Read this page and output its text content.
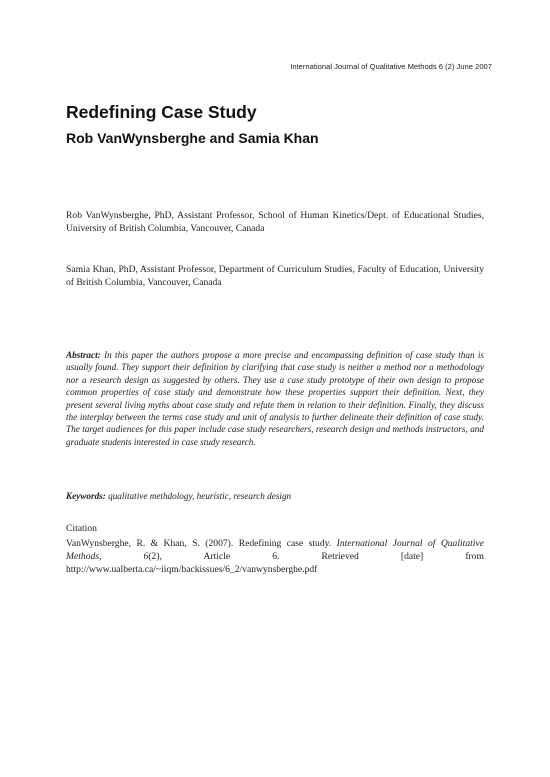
International Journal of Qualitative Methods 6 (2) June 2007
Redefining Case Study
Rob VanWynsberghe and Samia Khan

Rob VanWynsberghe, PhD, Assistant Professor, School of Human Kinetics/Dept. of Educational Studies, University of British Columbia, Vancouver, Canada

Samia Khan, PhD, Assistant Professor, Department of Curriculum Studies, Faculty of Education, University of British Columbia, Vancouver, Canada

Abstract: In this paper the authors propose a more precise and encompassing definition of case study than is usually found. They support their definition by clarifying that case study is neither a method nor a methodology nor a research design as suggested by others. They use a case study prototype of their own design to propose common properties of case study and demonstrate how these properties support their definition. Next, they present several living myths about case study and refute them in relation to their definition. Finally, they discuss the interplay between the terms case study and unit of analysis to further delineate their definition of case study. The target audiences for this paper include case study researchers, research design and methods instructors, and graduate students interested in case study research.

Keywords: qualitative methdology, heuristic, research design

Citation

VanWynsberghe, R. & Khan, S. (2007). Redefining case study. International Journal of Qualitative Methods, 6(2), Article 6. Retrieved [date] from http://www.ualberta.ca/~iiqm/backissues/6_2/vanwynsberghe.pdf
